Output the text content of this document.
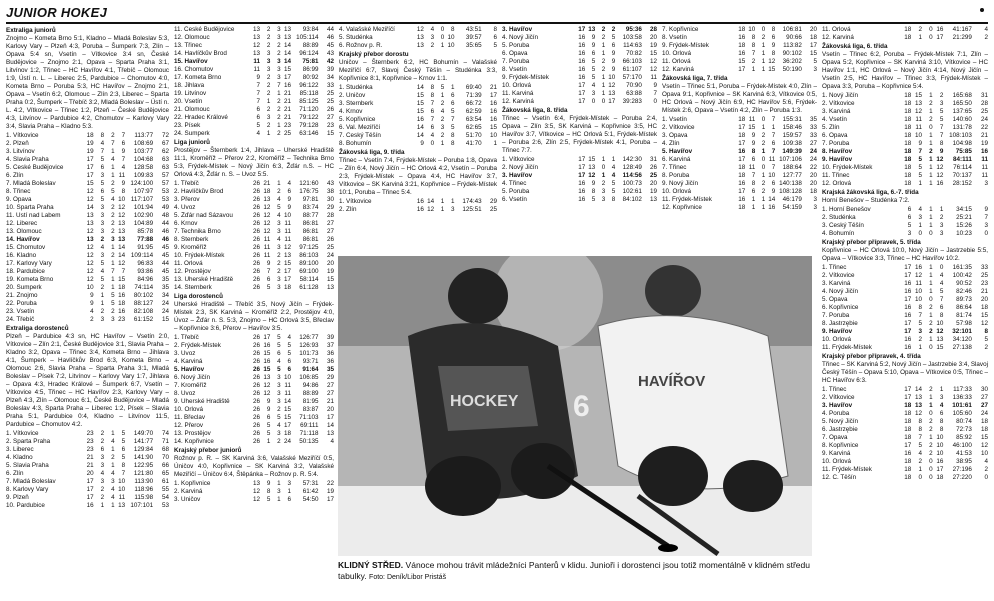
JUNIOR HOKEJ
Extraliga juniorů
Znojmo – Kometa Brno 5:1, Kladno – Mladá Boleslav 5:3, Karlovy Vary – Plzeň 4:3, Poruba – Šumperk 7:3, Zlín – Opava 5:4 sn, Vsetín – Vítkovice 3:4 sn, České Budějovice – Znojmo 2:1, Opava – Sparta Praha 3:1, Litvínov 1:2, Třinec – HC Havířov 4:1, Třebíč – Olomouc 1:9, Ústí n. L. – Liberec 2:5, Pardubice – Chomutov 4:0, Kometa Brno – Poruba 5:3, HC Havířov – Znojmo 2:1, Opava – Vsetín 6:2, Olomouc – Zlín 2:3, Liberec – Sparta Praha 0:2, Šumperk – Třebíč 3:2, Mladá Boleslav – Ústí n. L. 4:2, Vítkovice – Třinec 1:2, Plzeň – České Budějovice 4:3, Litvínov – Pardubice 4:2, Chomutov – Karlovy Vary 3:4, Slavia Praha – Kladno 5:3.
1. Vítkovice	18	8	2	7	113:77	72
2. Plzeň	19	4	7	6	108:69	67
3. Litvínov	19	7	1	9	103:77	62
4. Slavia Praha	17	5	4	7	104:68	63
5. České Budějovice	17	6	1	4	128:58	63
6. Zlín	17	3	1	11	109:83	57
7. Mladá Boleslav	15	5	2	9	124:100	57
8. Třinec	12	6	5	8	107:97	53
9. Opava	12	5	4	10	117:107	53
10. Sparta Praha	14	3	2	12	101:94	49
11. Ústí nad Labem	13	3	2	12	102:90	48
12. Liberec	13	3	2	13	104:89	44
13. Olomouc	12	3	2	13	85:78	46
14. Havířov	13	2	3	13	77:88	46
15. Chomutov	12	4	1	14	91:95	45
16. Kladno	12	3	2	14	109:114	45
17. Karlovy Vary	12	5	1	12	96:83	44
18. Pardubice	12	4	7	7	93:86	45
19. Kometa Brno	12	5	1	15	84:96	35
20. Šumperk	10	2	1	18	74:114	35
21. Znojmo	9	1	5	16	80:102	34
22. Poruba	9	1	5	18	88:127	24
23. Vsetín	4	2	2	16	82:108	24
24. Třebíč	2	3	3	23	61:152	15
Extraliga dorostenců
Plzeň – Pardubice 4:3 sn, HC Havířov – Vsetín 2:0, Vítkovice – Zlín 2:1, České Budějovice 3:1, Slavia Praha – Kladno 3:2, Opava – Třinec 3:4, Kometa Brno – Jihlava 4:1, Šumperk – Havlíčkův Brod 6:3, Kometa Brno – Olomouc 2:6, Slavia Praha – Sparta Praha 3:1, Mladá Boleslav – Písek 7:2, Litvínov – Karlovy Vary 1:7, Jihlava – Opava 4:3, Hradec Králové – Šumperk 6:7, Vsetín – Vítkovice 4:5, Třinec – HC Havířov 2:3, Karlovy Vary – Plzeň 4:3, Zlín – Olomouc 6:1, České Budějovice – Mladá Boleslav 4:3, Sparta Praha – Liberec 1:2, Písek – Slavia Praha 5:1, Pardubice 0:4, Kladno – Litvínov 11:5, Pardubice – Chomutov 4:2.
1. Vítkovice	23	2	1	5	149:70	74
2. Sparta Praha	23	2	4	5	141:77	71
3. Liberec	23	6	1	6	129:84	68
4. Kladno	21	3	2	5	141:90	70
5. Slavia Praha	21	3	1	8	122:95	66
6. Zlín	20	4	4	7	121:80	65
7. Mladá Boleslav	17	3	3	10	113:90	61
8. Karlovy Vary	17	2	4	10	118:96	55
9. Plzeň	17	2	4	11	115:98	54
10. Pardubice	16	1	1	13	107:101	53
11. České Budějovice	13	2	3	13	93:84	44
12. Olomouc	13	2	3	13	105:114	46
13. Třinec	12	2	2	14	88:89	45
14. Havlíčkův Brod	13	3	2	14	96:124	43
15. Havířov	11	3	3	14	75:81	42
16. Chomutov	11	3	3	15	86:99	39
17. Kometa Brno	9	2	3	17	80:92	34
18. Jihlava	7	2	7	16	96:122	33
19. Litvínov	7	2	1	21	85:118	25
20. Vsetín	7	1	2	21	85:125	25
21. Olomouc	6	2	2	21	71:120	26
22. Hradec Králové	6	3	2	21	79:122	27
23. Písek	5	2	1	23	79:128	23
24. Šumperk	4	1	2	25	63:146	15
Liga juniorů
Prostějov – Šternberk 1:4, Jihlava – Uherské Hradiště 11:1, Kroměříž – Přerov 2:2, Kroměříž – Technika Brno 5:3, Frýdek-Místek – Nový Jičín 6:3, Žďár n.S. – HC Orlová 4:3, Žďár n. S. – Uvoz 5:5.
1. Třebíč	26	21	1	4	121:60	43
2. Havlíčkův Brod	26	18	2	6	176:75	38
3. Přerov	26	13	4	9	97:81	30
4. Úvoz	26	12	5	9	83:74	29
5. Žďár nad Sázavou	26	12	4	10	88:77	28
6. Krnov	26	12	3	11	86:81	27
7. Technika Brno	26	12	3	11	86:81	27
8. Šternberk	26	11	4	11	86:81	26
9. Kroměříž	26	11	3	12	97:125	25
10. Frýdek-Místek	26	11	2	13	86:103	24
11. Orlová	26	9	2	15	89:100	20
12. Prostějov	26	7	2	17	69:100	19
13. Uherské Hradiště	26	6	3	17	58:114	15
14. Šternberk	26	5	3	18	61:128	13
Liga dorostenců
Uherské Hradiště – Třebíč 3:5, Nový Jičín – Frýdek-Místek 2:3, SK Karviná – Kroměříž 2:2, Prostějov 4:0, Úvoz – Žďár n. S. 5:3, Znojmo – HC Orlová 3:5, Břeclav – Kopřivnice 3:6, Přerov – Havířov 3:5.
1. Třebíč	26	17	5	4	126:77	39
2. Frýdek-Místek	26	16	5	5	126:93	37
3. Úvoz	26	15	6	5	101:73	36
4. Karviná	26	16	4	6	93:71	36
5. Havířov	26	15	5	6	91:64	35
6. Nový Jičín	26	13	3	10	106:85	29
7. Kroměříž	26	12	3	11	94:86	27
8. Úvoz	26	12	3	11	88:89	27
9. Uherské Hradiště	26	9	3	14	81:95	21
10. Orlová	26	9	2	15	83:87	20
11. Břeclav	26	6	5	15	71:103	17
12. Přerov	26	5	4	17	69:111	14
13. Prostějov	26	5	3	18	71:118	13
14. Kopřivnice	26	1	2	24	50:135	4
Krajský přebor juniorů
Rožnov p. R. – SK Karviná 3:6, Valašské Meziříčí 0:5, Úničov 4:0, Kopřivnice – SK Karviná 3:2, Valašské Meziříčí – Úničov 6:4, Štěpánka – Rožnov p. R. 5:4.
1. Kopřivnice	13	9	1	3	57:31	22
2. Karviná	12	8	3	1	61:42	19
3. Úničov	12	5	1	6	54:50	17
4. Valašské Meziříčí	12	4	0	8	43:51	8
5. Studénka	13	3	0	10	39:57	6
6. Rožnov p. R.	13	2	1	10	35:65	5
Krajský přebor dorostu
Uničov – Šternberk 6:2, HC Bohumín – Valašské Meziříčí 6:7, Slavoj Český Těšín – Studénka 3:3, Kopřivnice 8:1, Kopřivnice – Krnov 1:1.
1. Studénka	14	8	5	1	69:40	21
2. Uničov	15	8	1	6	71:39	17
3. Šternberk	15	7	2	6	66:72	16
4. Krnov	15	6	4	5	62:59	16
5. Kopřivnice	16	7	2	7	63:54	16
6. Val. Meziříčí	14	6	3	5	62:65	15
7. Český Těšín	14	4	2	8	51:70	10
8. Bohumín	9	0	1	8	41:70	1
Žákovská liga, 9. třída
Třinec – Vsetín 7:4, Frýdek-Místek – Poruba 1:8, Opava – Zlín 6:4, Nový Jičín – HC Orlová 4:2, Vsetín – Poruba 2:3, Frýdek-Místek – Opava 4:4, HC Havířov 3:7, Vítkovice – SK Karviná 3:21, Kopřivnice – Frýdek-Místek 10:1, Poruba – Třinec 5:4.
1. Vítkovice	16	14	1	1	174:43	29
2. Zlín	16	12	1	3	125:51	25
3. Havířov	17	13	2	2	95:36	28
4. Nový Jičín	16	9	2	5	103:58	20
5. Poruba	16	9	1	6	114:63	19
6. Opava	16	6	1	9	70:82	15
7. Poruba	16	5	2	9	66:103	12
8. Vsetín	16	5	2	9	61:107	12
9. Frýdek-Místek	16	5	1	10	57:170	11
10. Orlová	17	4	1	12	70:90	9
11. Karviná	17	3	1	13	63:88	7
12. Karviná	17	0	0	17	39:283	0
Žákovská liga, 8. třída
Třinec – Vsetín 6:4, Frýdek-Místek – Poruba 2:4, Opava – Zlín 3:5, SK Karviná – Kopřivnice 3:5, HC Havířov 3:7, Vítkovice – HC Orlová 5:1, Frýdek-Místek – Poruba 2:6, Zlín 2:5, Frýdek-Místek 4:1, Poruba – Třinec 7:7.
1. Vítkovice	17	15	1	1	142:30	31
2. Nový Jičín	17	13	0	4	128:49	26
3. Havířov	17	12	1	4	114:56	25
4. Třinec	16	9	2	5	100:73	20
5. Poruba	16	8	3	5	102:61	19
6. Vsetín	16	5	3	8	84:102	13
7. Kopřivnice	18	10	0	8	106:81	20
8. Vsetín	16	8	2	6	90:66	18
9. Frýdek-Místek	18	8	1	9	113:82	17
10. Orlová	16	7	1	8	90:102	15
11. Orlová	15	2	1	12	36:202	5
12. Karviná	17	1	1	15	50:190	3
Žákovská liga, 7. třída
Vsetín – Třinec 5:1, Poruba – Frýdek-Místek 4:0, Zlín – Opava 9:1, Kopřivnice – SK Karviná 6:3, Vítkovice 0:5, HC Orlová – Nový Jičín 6:9, HC Havířov 5:6, Frýdek-Místek 2:6, Opava – Vsetín 4:2, Zlín – Poruba 1:3.
1. Vsetín	18	11	0	7	155:31	35
2. Vítkovice	17	15	1	1	158:46	33
3. Opava	18	9	2	7	159:57	33
4. Zlín	17	9	2	6	109:38	27
5. Havířov	16	8	1	7	149:39	24
6. Karviná	17	6	0	11	107:106	24
7. Třinec	18	11	0	7	188:64	22
8. Poruba	18	7	1	10	127:77	20
9. Nový Jičín	16	8	2	6	140:138	20
10. Orlová	17	6	2	9	108:128	18
11. Frýdek-Místek	16	1	1	14	46:179	3
12. Kopřivnice	18	1	1	16	54:159	3
11. Orlová	18	2	0	16	41:167	4
12. Karviná	18	1	0	17	21:299	2
Žákovská liga, 6. třída
Vsetín – Třinec 6:2, Poruba – Frýdek-Místek 7:1, Zlín – Opava 5:2, Kopřivnice – SK Karviná 3:10, Vítkovice – HC Havířov 1:1, HC Orlová – Nový Jičín 4:14, Nový Jičín – Vsetín 2:5, HC Havířov – Třinec 3:3, Frýdek-Místek – Opava 3:3, Poruba – Kopřivnice 5:4.
1. Nový Jičín	18	15	1	2	165:68	31
2. Vítkovice	18	13	2	3	165:50	28
3. Karviná	18	12	1	5	137:65	25
4. Vsetín	18	11	2	5	140:60	24
5. Zlín	18	11	0	7	131:78	22
6. Opava	18	10	1	7	108:103	21
7. Poruba	18	9	1	8	104:98	19
8. Havířov	18	7	2	9	75:85	16
9. Havířov	18	5	1	12	84:111	11
10. Frýdek-Místek	18	5	1	12	76:114	11
11. Třinec	18	5	1	12	70:137	11
12. Orlová	18	1	1	16	28:152	3
Krajská žákovská liga, 6.-7. třída
Horní Benešov – Studénka 7:2.
1. Horní Benešov	6	4	1	1	34:15	9
2. Studénka	6	3	1	2	25:21	7
3. Český Těšín	5	1	1	3	15:26	3
4. Bohumín	3	0	0	3	10:23	0
Krajský přebor přípravek, 5. třída
Kopřivnice – HC Orlová 10:0, Nový Jičín – Jastrzebie 5:5, Opava – Vítkovice 3:3, Třinec – HC Havířov 10:2.
1. Třinec	17	16	1	0	161:35	33
2. Vítkovice	17	12	1	4	100:42	25
3. Karviná	16	11	1	4	90:52	23
4. Nový Jičín	16	10	1	5	82:46	21
5. Opava	17	10	0	7	89:73	20
6. Kopřivnice	16	8	2	6	86:64	18
7. Poruba	16	7	1	8	81:74	15
8. Jastrzębie	17	5	2	10	57:98	12
9. Havířov	17	3	2	12	32:101	8
10. Orlová	16	2	1	13	34:120	5
11. Frýdek-Místek	16	1	0	15	27:138	2
Krajský přebor přípravek, 4. třída
Třinec – SK Karviná 5:2, Nový Jičín – Jastrzebie 3:4, Slavoj Český Těšín – Opava 5:10, Opava – Vítkovice 0:5, Třinec – HC Havířov 6:3.
1. Třinec	17	14	2	1	117:33	30
2. Vítkovice	17	13	1	3	136:33	27
3. Havířov	18	13	1	4	101:61	27
4. Poruba	18	12	0	6	105:60	24
5. Nový Jičín	18	8	2	8	80:74	18
6. Jastrzębie	18	8	2	8	72:73	18
7. Opava	18	7	1	10	85:92	15
8. Kopřivnice	17	5	2	10	46:100	12
9. Karviná	16	4	2	10	41:53	10
10. Orlová	18	2	0	16	38:95	4
11. Frýdek-Místek	18	1	0	17	27:196	2
12. Č. Těšín	18	0	0	18	27:220	0
HOCKEY 6
HAVÍŘOV
KLIDNÝ STŘED. Vánoce mohou trávit mládežníci Panterů v klidu. Junioři i dorostenci jsou totiž momentálně v klidném středu tabulky. Foto: Deník/Libor Pristáš
